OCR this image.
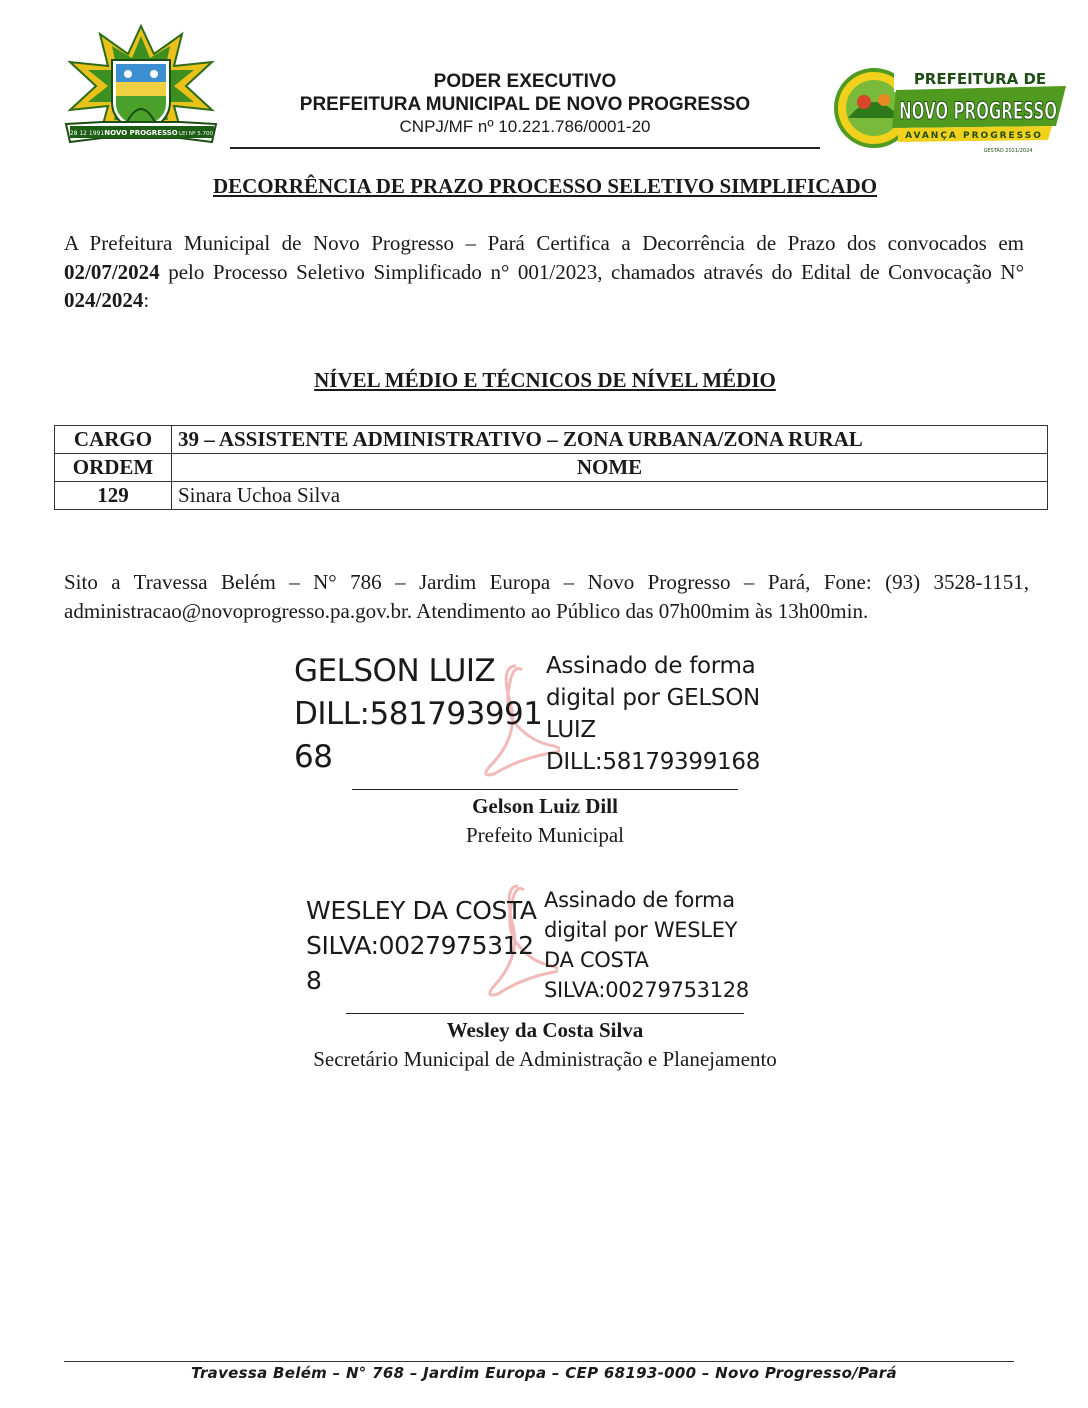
28 12 1991 NOVO PROGRESSO LEI Nº 5.700
PODER EXECUTIVO
PREFEITURA MUNICIPAL DE NOVO PROGRESSO
CNPJ/MF nº 10.221.786/0001-20
PREFEITURA DE
NOVO PROGRESSO
AVANÇA PROGRESSO
GESTÃO 2021/2024
DECORRÊNCIA DE PRAZO PROCESSO SELETIVO SIMPLIFICADO
A Prefeitura Municipal de Novo Progresso – Pará Certifica a Decorrência de Prazo dos convocados em 02/07/2024 pelo Processo Seletivo Simplificado n° 001/2023, chamados através do Edital de Convocação N° 024/2024:
NÍVEL MÉDIO E TÉCNICOS DE NÍVEL MÉDIO
CARGO	39 – ASSISTENTE ADMINISTRATIVO – ZONA URBANA/ZONA RURAL
ORDEM	NOME
129	Sinara Uchoa Silva
Sito a Travessa Belém – N° 786 – Jardim Europa – Novo Progresso – Pará, Fone: (93) 3528-1151, administracao@novoprogresso.pa.gov.br. Atendimento ao Público das 07h00mim às 13h00min.
GELSON LUIZ
DILL:581793991
68
Assinado de forma
digital por GELSON
LUIZ
DILL:58179399168
Gelson Luiz Dill
Prefeito Municipal
WESLEY DA COSTA
SILVA:0027975312
8
Assinado de forma
digital por WESLEY
DA COSTA
SILVA:00279753128
Wesley da Costa Silva
Secretário Municipal de Administração e Planejamento
Travessa Belém – N° 768 – Jardim Europa – CEP 68193-000 – Novo Progresso/Pará
